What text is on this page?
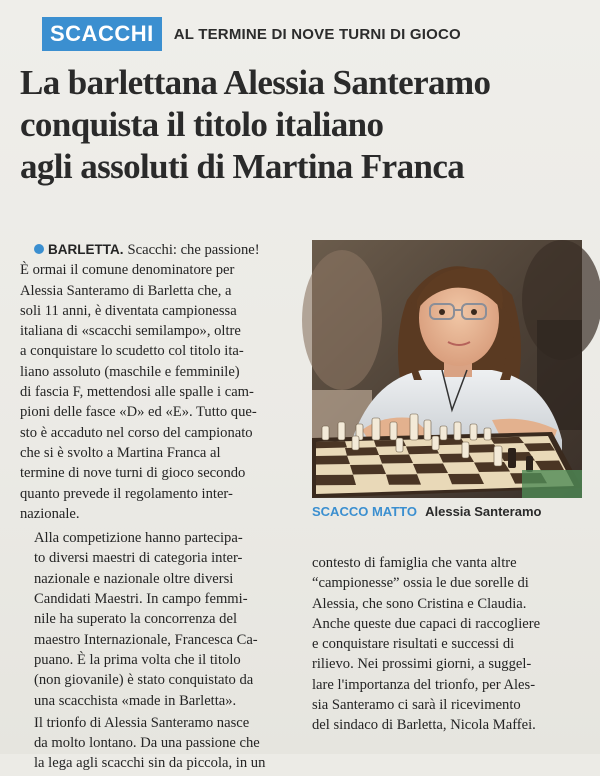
SCACCHI	AL TERMINE DI NOVE TURNI DI GIOCO
La barlettana Alessia Santeramo
conquista il titolo italiano
agli assoluti di Martina Franca

BARLETTA. Scacchi: che passione!
È ormai il comune denominatore per
Alessia Santeramo di Barletta che, a
soli 11 anni, è diventata campionessa
italiana di «scacchi semilampo», oltre
a conquistare lo scudetto col titolo ita-
liano assoluto (maschile e femminile)
di fascia F, mettendosi alle spalle i cam-
pioni delle fasce «D» ed «E». Tutto que-
sto è accaduto nel corso del campionato
che si è svolto a Martina Franca al
termine di nove turni di gioco secondo
quanto prevede il regolamento inter-
nazionale.

Alla competizione hanno partecipa-
to diversi maestri di categoria inter-
nazionale e nazionale oltre diversi
Candidati Maestri. In campo femmi-
nile ha superato la concorrenza del
maestro Internazionale, Francesca Ca-
puano. È la prima volta che il titolo
(non giovanile) è stato conquistato da
una scacchista «made in Barletta».

Il trionfo di Alessia Santeramo nasce
da molto lontano. Da una passione che
la lega agli scacchi sin da piccola, in un

SCACCO MATTO Alessia Santeramo
contesto di famiglia che vanta altre
“campionesse” ossia le due sorelle di
Alessia, che sono Cristina e Claudia.
Anche queste due capaci di raccogliere
e conquistare risultati e successi di
rilievo. Nei prossimi giorni, a suggel-
lare l'importanza del trionfo, per Ales-
sia Santeramo ci sarà il ricevimento
del sindaco di Barletta, Nicola Maffei.
